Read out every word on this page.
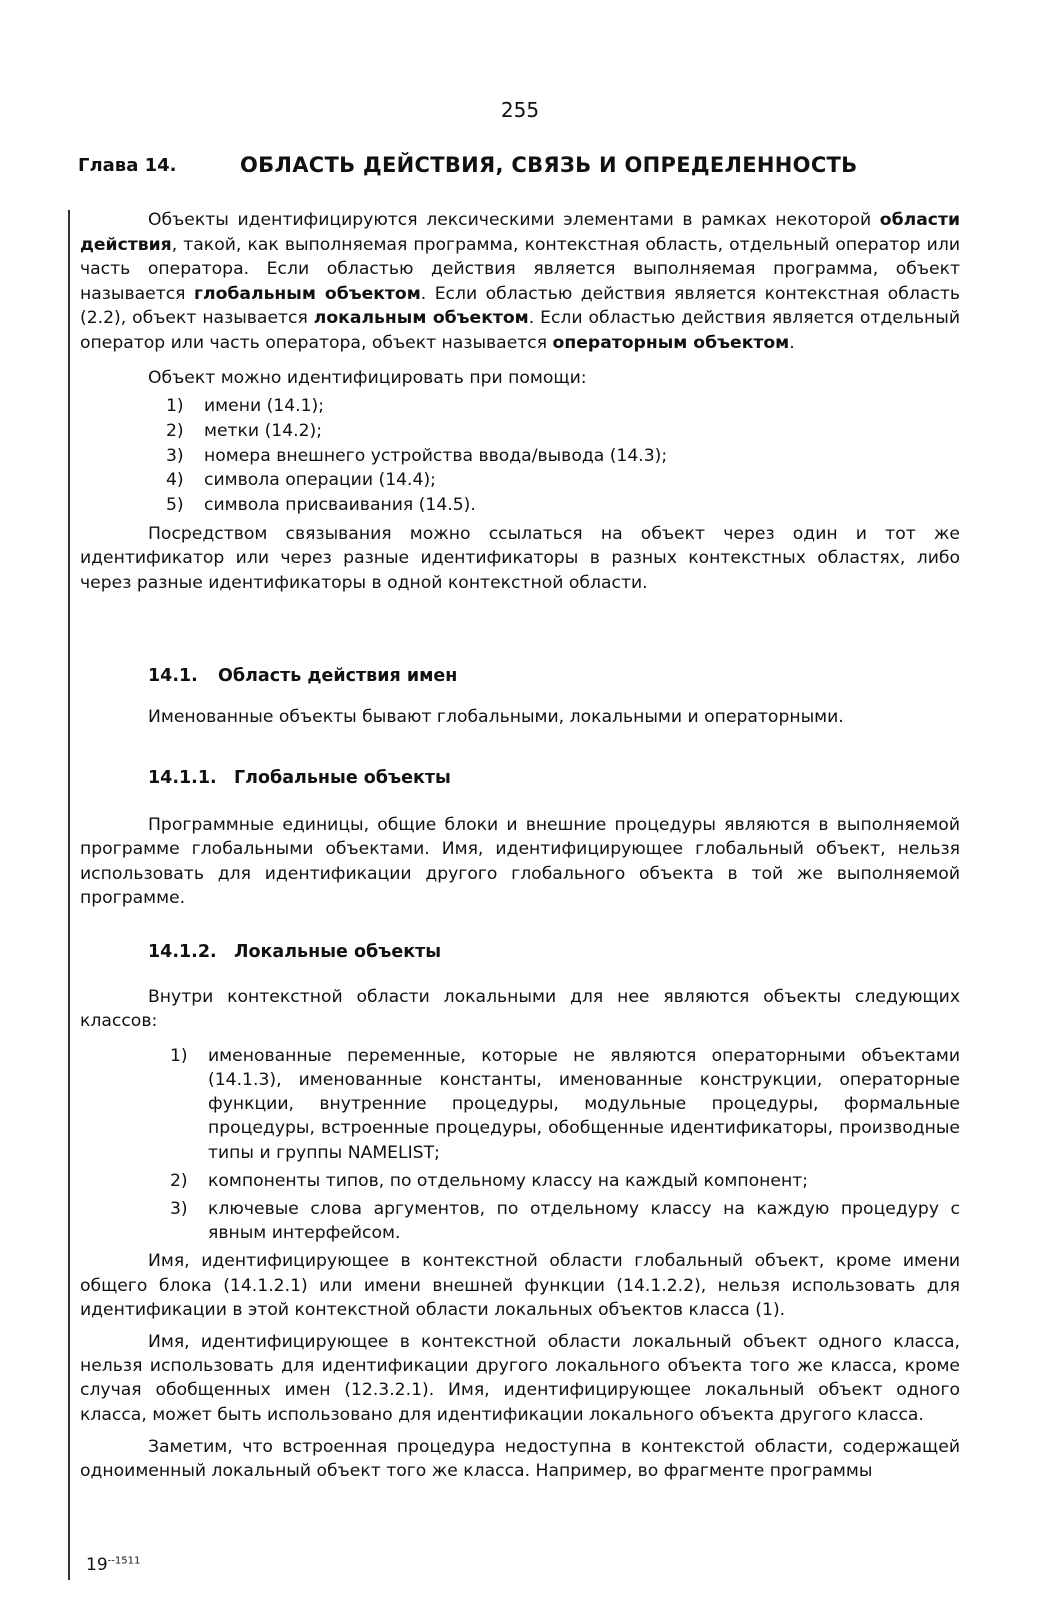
255
Глава 14.	ОБЛАСТЬ ДЕЙСТВИЯ, СВЯЗЬ И ОПРЕДЕЛЕННОСТЬ

Объекты идентифицируются лексическими элементами в рамках некоторой области действия, такой, как выполняемая программа, контекстная область, отдельный оператор или часть оператора. Если областью действия является выполняемая программа, объект называется глобальным объектом. Если областью действия является контекстная область (2.2), объект называется локальным объектом. Если областью действия является отдельный оператор или часть оператора, объект называется операторным объектом.

Объект можно идентифицировать при помощи:

1) имени (14.1);
2) метки (14.2);
3) номера внешнего устройства ввода/вывода (14.3);
4) символа операции (14.4);
5) символа присваивания (14.5).

Посредством связывания можно ссылаться на объект через один и тот же идентификатор или через разные идентификаторы в разных контекстных областях, либо через разные идентификаторы в одной контекстной области.

14.1. Область действия имен

Именованные объекты бывают глобальными, локальными и операторными.

14.1.1. Глобальные объекты

Программные единицы, общие блоки и внешние процедуры являются в выполняемой программе глобальными объектами. Имя, идентифицирующее глобальный объект, нельзя использовать для идентификации другого глобального объекта в той же выполняемой программе.

14.1.2. Локальные объекты

Внутри контекстной области локальными для нее являются объекты следующих классов:

1) именованные переменные, которые не являются операторными объектами (14.1.3), именованные константы, именованные конструкции, операторные функции, внутренние процедуры, модульные процедуры, формальные процедуры, встроенные процедуры, обобщенные идентификаторы, производные типы и группы NAMELIST;
2) компоненты типов, по отдельному классу на каждый компонент;
3) ключевые слова аргументов, по отдельному классу на каждую процедуру с явным интерфейсом.

Имя, идентифицирующее в контекстной области глобальный объект, кроме имени общего блока (14.1.2.1) или имени внешней функции (14.1.2.2), нельзя использовать для идентификации в этой контекстной области локальных объектов класса (1).

Имя, идентифицирующее в контекстной области локальный объект одного класса, нельзя использовать для идентификации другого локального объекта того же класса, кроме случая обобщенных имен (12.3.2.1). Имя, идентифицирующее локальный объект одного класса, может быть использовано для идентификации локального объекта другого класса.

Заметим, что встроенная процедура недоступна в контекстой области, содержащей одноименный локальный объект того же класса. Например, во фрагменте программы

$19^{--1511}$
